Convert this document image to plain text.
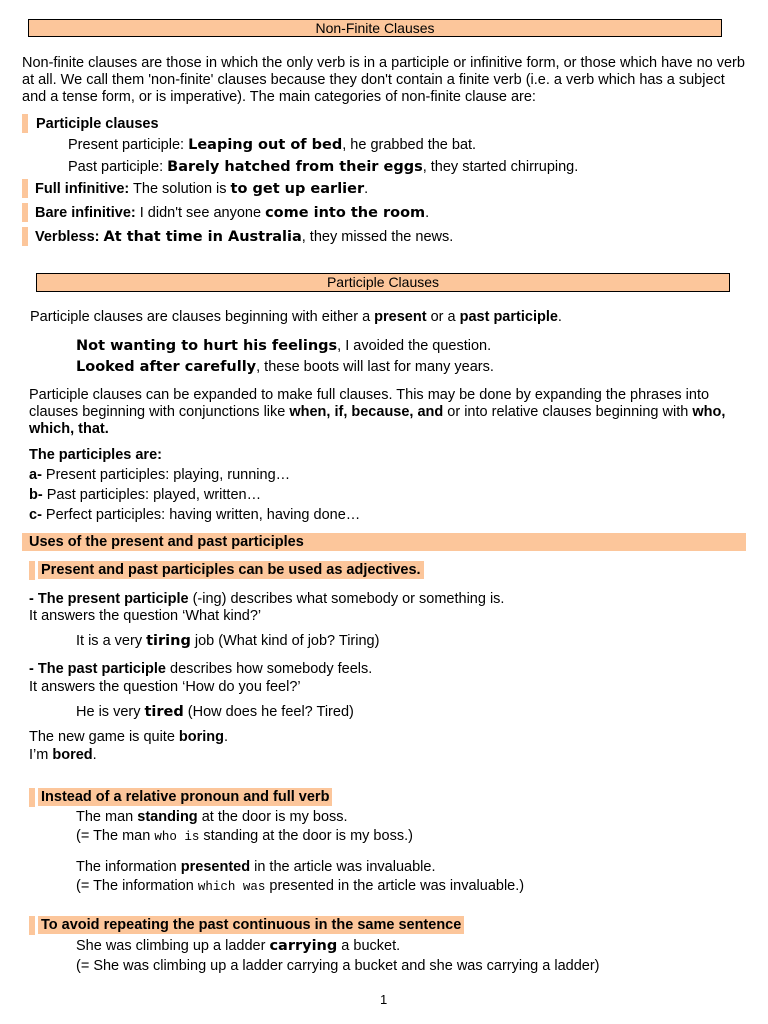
Non-Finite Clauses
Non-finite clauses are those in which the only verb is in a participle or infinitive form, or those which have no verb at all. We call them 'non-finite' clauses because they don't contain a finite verb (i.e. a verb which has a subject and a tense form, or is imperative). The main categories of non-finite clause are:
Participle clauses
Present participle: Leaping out of bed, he grabbed the bat.
Past participle: Barely hatched from their eggs, they started chirruping.
Full infinitive: The solution is to get up earlier.
Bare infinitive: I didn't see anyone come into the room.
Verbless: At that time in Australia, they missed the news.
Participle Clauses
Participle clauses are clauses beginning with either a present or a past participle.
Not wanting to hurt his feelings, I avoided the question.
Looked after carefully, these boots will last for many years.
Participle clauses can be expanded to make full clauses. This may be done by expanding the phrases into clauses beginning with conjunctions like when, if, because, and or into relative clauses beginning with who, which, that.
The participles are:
a- Present participles: playing, running…
b- Past participles: played, written…
c- Perfect participles: having written, having done…
Uses of the present and past participles
Present and past participles can be used as adjectives.
- The present participle (-ing) describes what somebody or something is.
It answers the question ‘What kind?’
It is a very tiring job (What kind of job? Tiring)
- The past participle describes how somebody feels.
It answers the question ‘How do you feel?’
He is very tired (How does he feel? Tired)
The new game is quite boring.
I’m bored.
Instead of a relative pronoun and full verb
The man standing at the door is my boss.
(= The man who is standing at the door is my boss.)
The information presented in the article was invaluable.
(= The information which was presented in the article was invaluable.)
To avoid repeating the past continuous in the same sentence
She was climbing up a ladder carrying a bucket.
(= She was climbing up a ladder carrying a bucket and she was carrying a ladder)
1
